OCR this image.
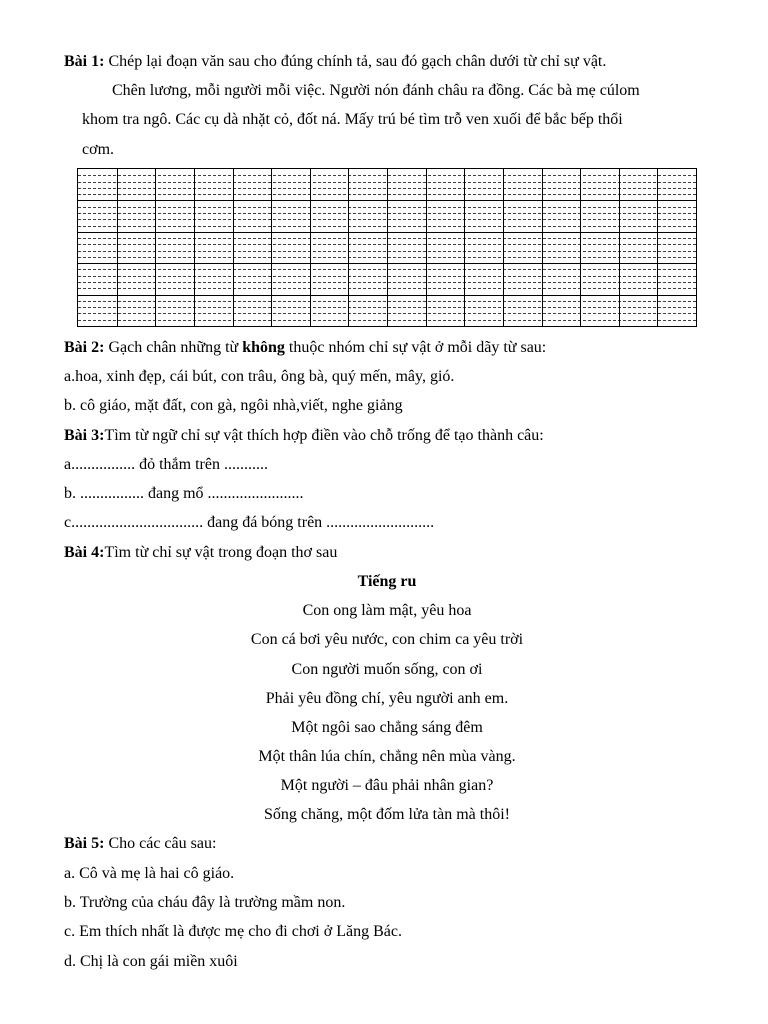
Bài 1: Chép lại đoạn văn sau cho đúng chính tả, sau đó gạch chân dưới từ chỉ sự vật.
Chên lương, mỗi người mỗi việc. Người nón đánh châu ra đồng. Các bà mẹ cúlom
khom tra ngô. Các cụ dà nhặt cỏ, đốt ná. Mấy trú bé tìm trỗ ven xuối để bắc bếp thổi
cơm.
Bài 2: Gạch chân những từ không thuộc nhóm chỉ sự vật ở mỗi dãy từ sau:
a.hoa, xinh đẹp, cái bút, con trâu, ông bà, quý mến, mây, gió.
b. cô giáo, mặt đất, con gà, ngôi nhà,viết, nghe giảng
Bài 3:Tìm từ ngữ chỉ sự vật thích hợp điền vào chỗ trống để tạo thành câu:
a................ đỏ thắm trên ...........
b. ................ đang mổ ........................
c................................. đang đá bóng trên ...........................
Bài 4:Tìm từ chỉ sự vật trong đoạn thơ sau
Tiếng ru
Con ong làm mật, yêu hoa
Con cá bơi yêu nước, con chim ca yêu trời
Con người muốn sống, con ơi
Phải yêu đồng chí, yêu người anh em.
Một ngôi sao chẳng sáng đêm
Một thân lúa chín, chẳng nên mùa vàng.
Một người – đâu phải nhân gian?
Sống chăng, một đốm lửa tàn mà thôi!
Bài 5: Cho các câu sau:
a. Cô và mẹ là hai cô giáo.
b. Trường của cháu đây là trường mầm non.
c. Em thích nhất là được mẹ cho đi chơi ở Lăng Bác.
d. Chị là con gái miền xuôi
